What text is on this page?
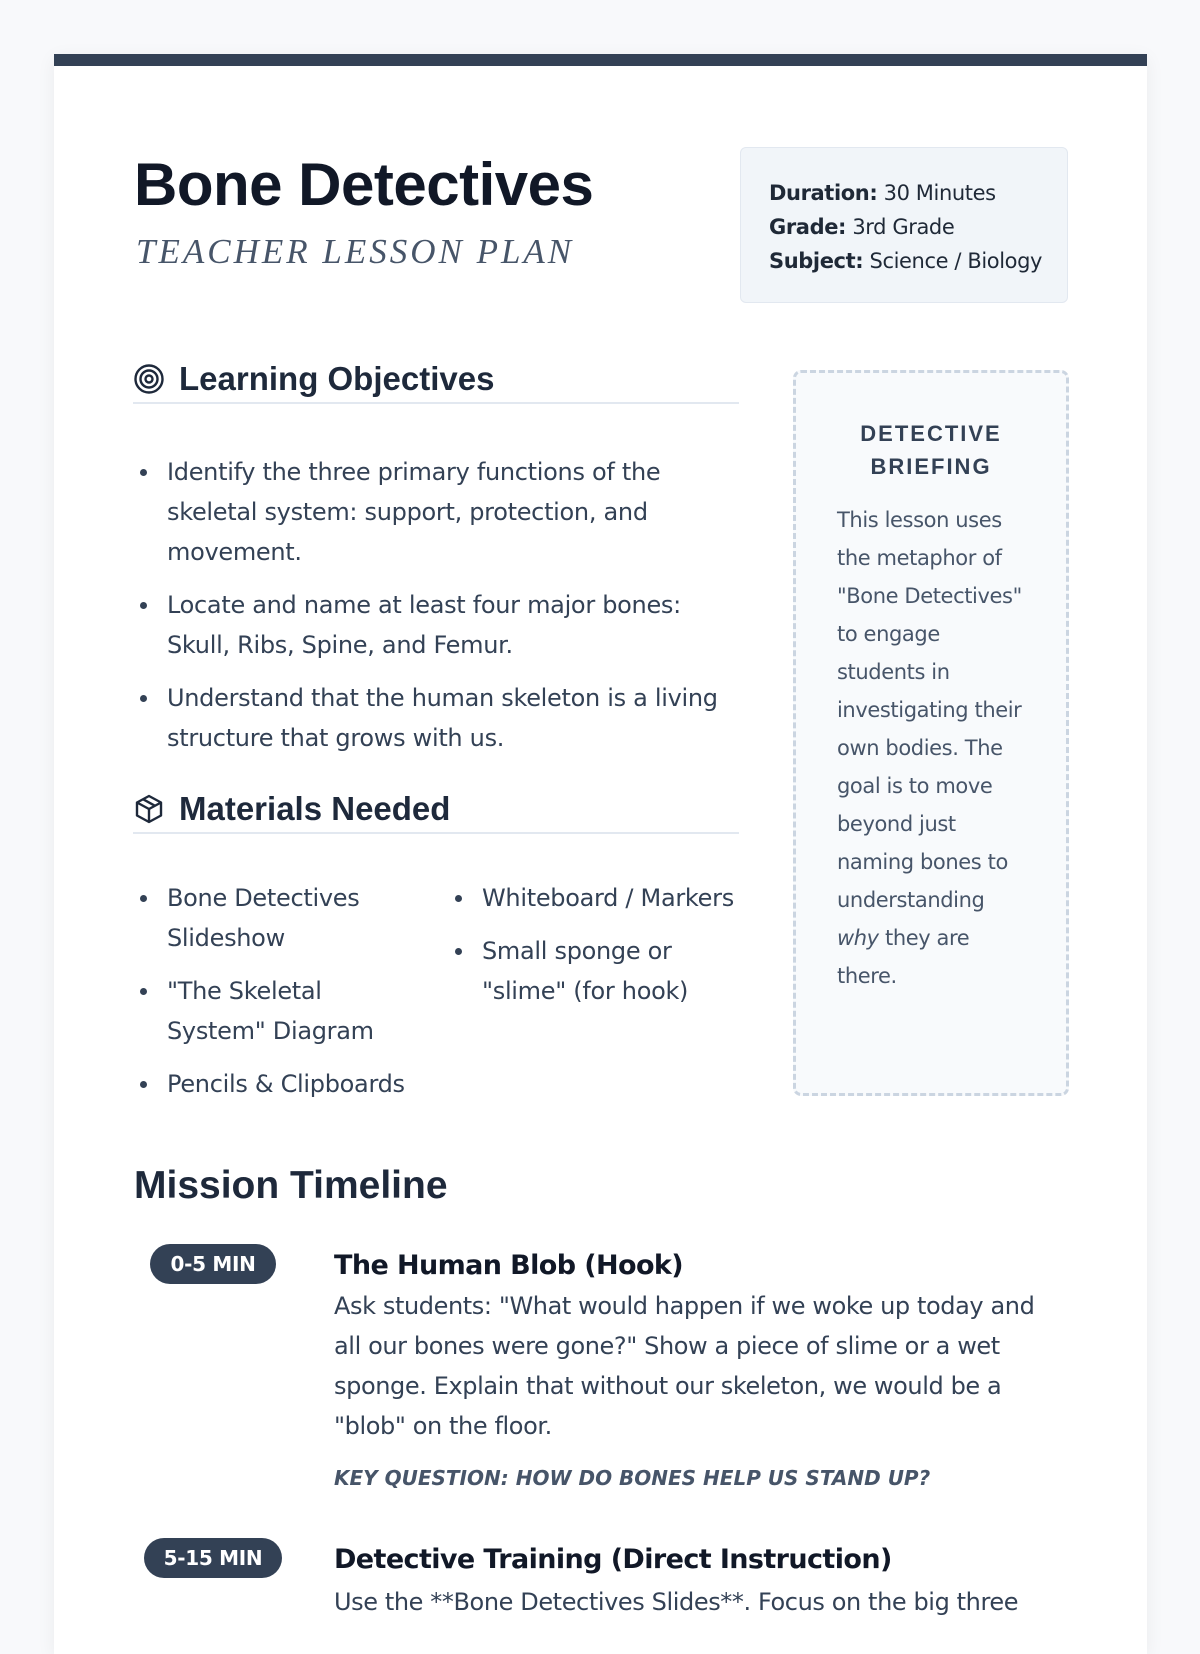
Bone Detectives
TEACHER LESSON PLAN
Duration: 30 Minutes
Grade: 3rd Grade
Subject: Science / Biology
Learning Objectives
Identify the three primary functions of the skeletal system: support, protection, and movement.
Locate and name at least four major bones: Skull, Ribs, Spine, and Femur.
Understand that the human skeleton is a living structure that grows with us.
Materials Needed
Bone Detectives Slideshow
"The Skeletal System" Diagram
Pencils & Clipboards
Whiteboard / Markers
Small sponge or "slime" (for hook)
DETECTIVE BRIEFING

This lesson uses the metaphor of "Bone Detectives" to engage students in investigating their own bodies. The goal is to move beyond just naming bones to understanding why they are there.

Mission Timeline
0-5 MIN	The Human Blob (Hook)

Ask students: "What would happen if we woke up today and all our bones were gone?" Show a piece of slime or a wet sponge. Explain that without our skeleton, we would be a "blob" on the floor.

KEY QUESTION: HOW DO BONES HELP US STAND UP?

5-15 MIN	Detective Training (Direct Instruction)

Use the **Bone Detectives Slides**. Focus on the big three
